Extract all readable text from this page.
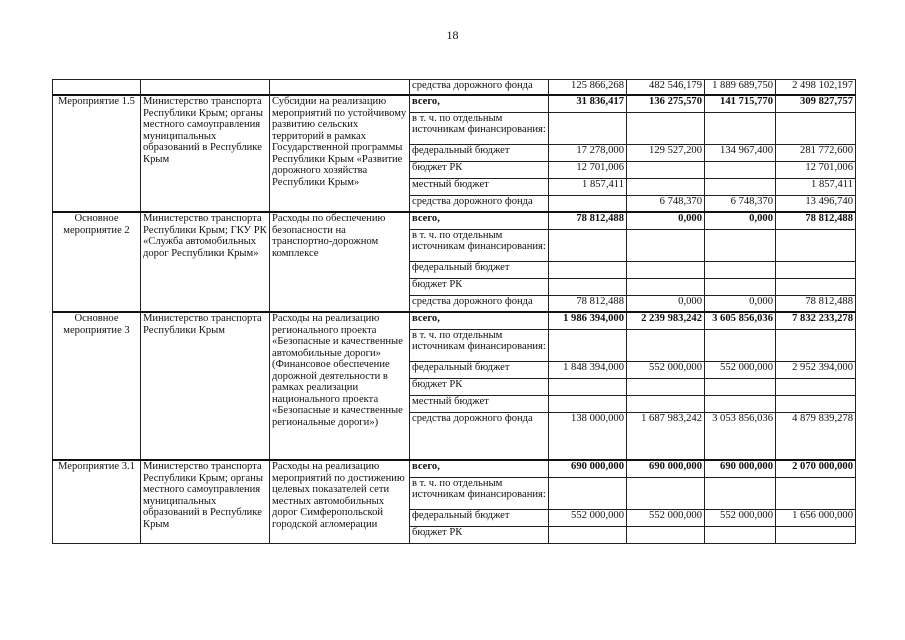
18
			средства дорожного фонда	125 866,268	482 546,179	1 889 689,750	2 498 102,197
Мероприятие 1.5	Министерство транспорта Республики Крым; органы местного самоуправления муниципальных образований в Республике Крым	Субсидии на реализацию мероприятий по устойчивому развитию сельских территорий в рамках Государственной программы Республики Крым «Развитие дорожного хозяйства Республики Крым»	всего,	31 836,417	136 275,570	141 715,770	309 827,757
			в т. ч. по отдельным источникам финансирования:				
			федеральный бюджет	17 278,000	129 527,200	134 967,400	281 772,600
			бюджет РК	12 701,006			12 701,006
			местный бюджет	1 857,411			1 857,411
			средства дорожного фонда		6 748,370	6 748,370	13 496,740
Основное мероприятие 2	Министерство транспорта Республики Крым; ГКУ РК «Служба автомобильных дорог Республики Крым»	Расходы по обеспечению безопасности на транспортно-дорожном комплексе	всего,	78 812,488	0,000	0,000	78 812,488
			в т. ч. по отдельным источникам финансирования:				
			федеральный бюджет				
			бюджет РК				
			средства дорожного фонда	78 812,488	0,000	0,000	78 812,488
Основное мероприятие 3	Министерство транспорта Республики Крым	Расходы на реализацию регионального проекта «Безопасные и качественные автомобильные дороги» (Финансовое обеспечение дорожной деятельности в рамках реализации национального проекта «Безопасные и качественные региональные дороги»)	всего,	1 986 394,000	2 239 983,242	3 605 856,036	7 832 233,278
			в т. ч. по отдельным источникам финансирования:				
			федеральный бюджет	1 848 394,000	552 000,000	552 000,000	2 952 394,000
			бюджет РК				
			местный бюджет				
			средства дорожного фонда	138 000,000	1 687 983,242	3 053 856,036	4 879 839,278
Мероприятие 3.1	Министерство транспорта Республики Крым; органы местного самоуправления муниципальных образований в Республике Крым	Расходы на реализацию мероприятий по достижению целевых показателей сети местных автомобильных дорог Симферопольской городской агломерации	всего,	690 000,000	690 000,000	690 000,000	2 070 000,000
			в т. ч. по отдельным источникам финансирования:				
			федеральный бюджет	552 000,000	552 000,000	552 000,000	1 656 000,000
			бюджет РК				
